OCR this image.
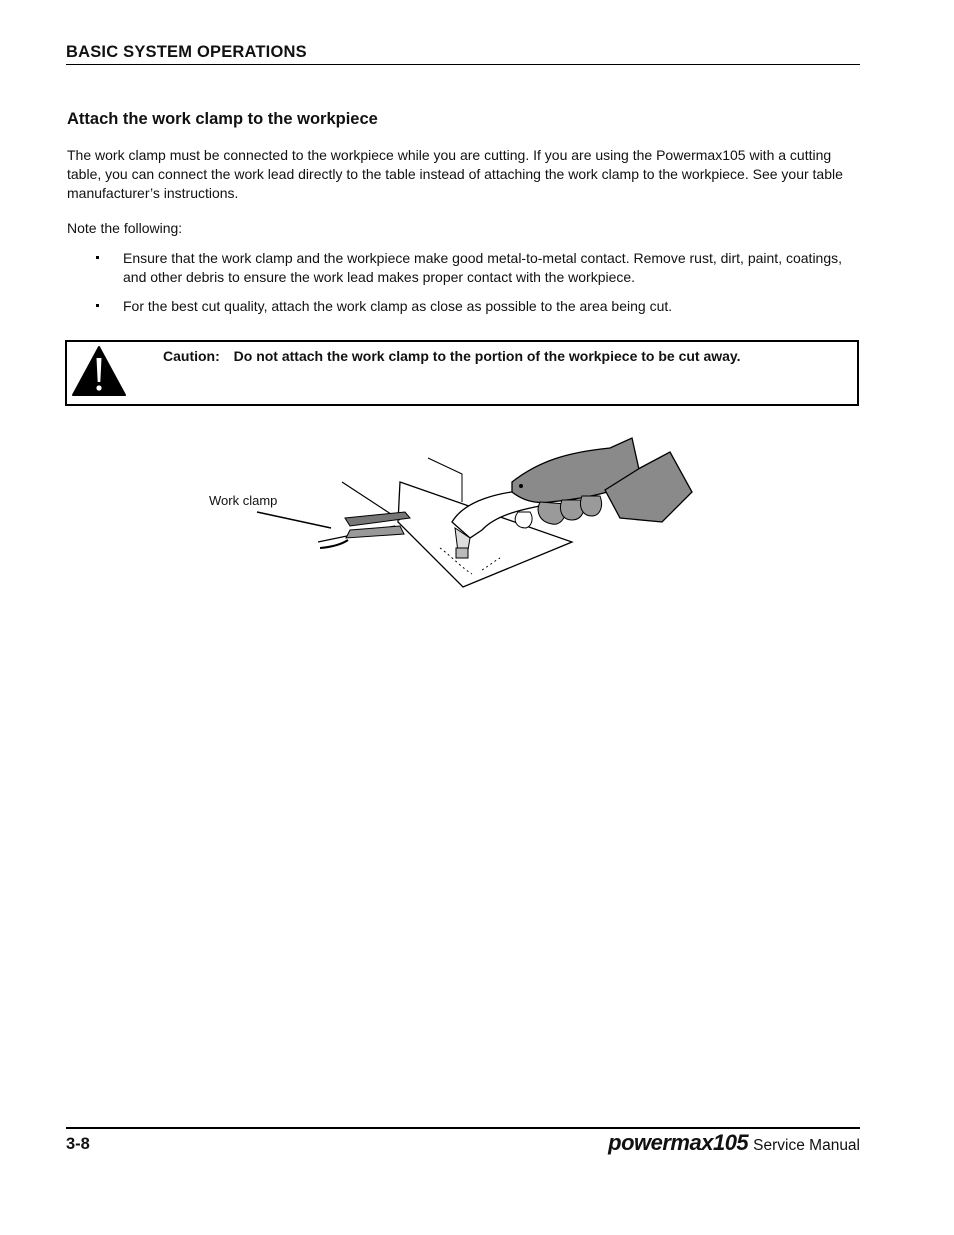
BASIC SYSTEM OPERATIONS
Attach the work clamp to the workpiece
The work clamp must be connected to the workpiece while you are cutting. If you are using the Powermax105 with a cutting table, you can connect the work lead directly to the table instead of attaching the work clamp to the workpiece. See your table manufacturer’s instructions.
Note the following:
Ensure that the work clamp and the workpiece make good metal-to-metal contact. Remove rust, dirt, paint, coatings, and other debris to ensure the work lead makes proper contact with the workpiece.
For the best cut quality, attach the work clamp as close as possible to the area being cut.
Caution: Do not attach the work clamp to the portion of the workpiece to be cut away.
Work clamp
3-8	powermax105 Service Manual
